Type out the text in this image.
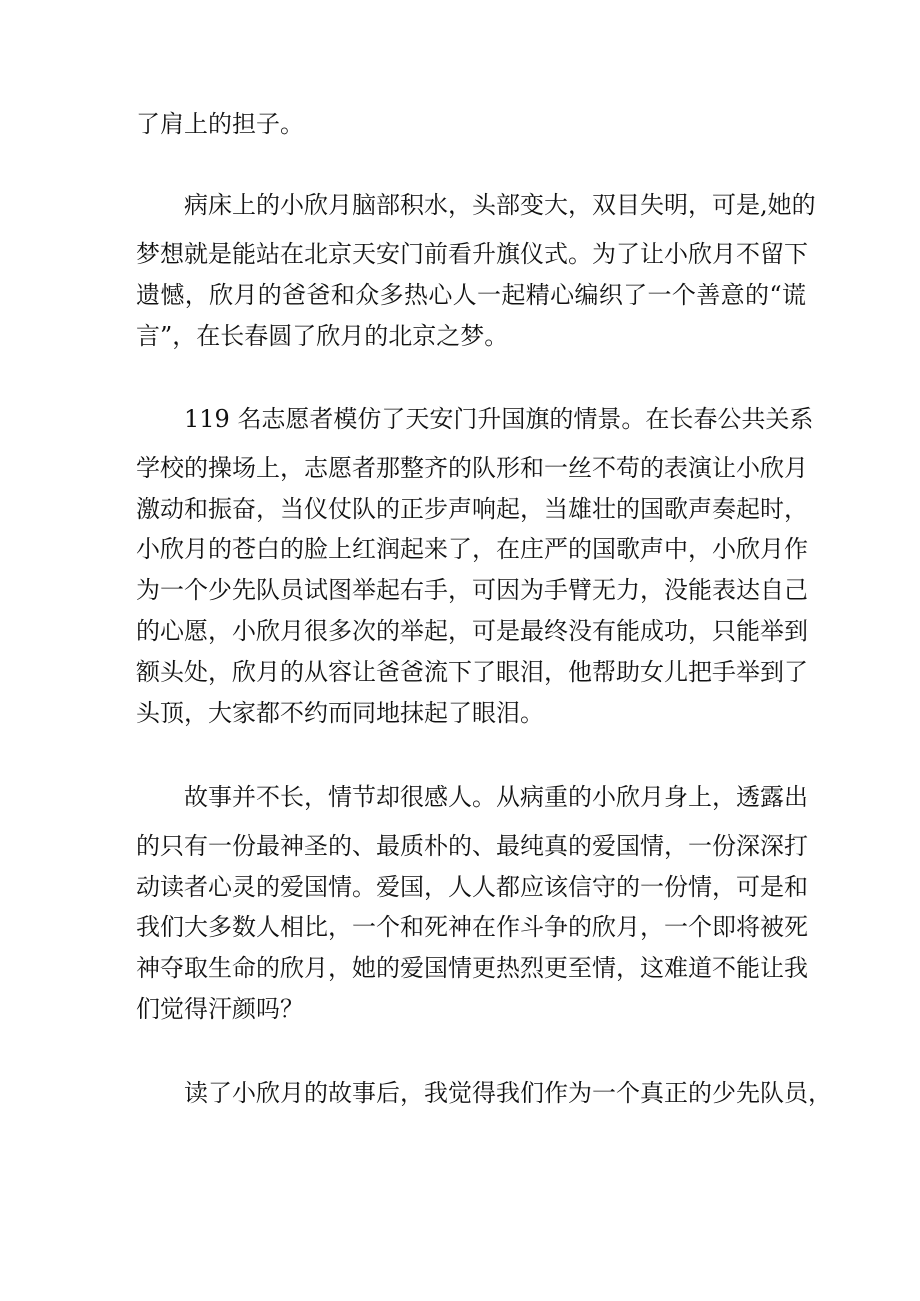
了肩上的担子。
病床上的小欣月脑部积水，头部变大，双目失明，可是,她的
梦想就是能站在北京天安门前看升旗仪式。为了让小欣月不留下
遗憾，欣月的爸爸和众多热心人一起精心编织了一个善意的“谎
言”，在长春圆了欣月的北京之梦。
119 名志愿者模仿了天安门升国旗的情景。在长春公共关系
学校的操场上，志愿者那整齐的队形和一丝不苟的表演让小欣月
激动和振奋，当仪仗队的正步声响起，当雄壮的国歌声奏起时，
小欣月的苍白的脸上红润起来了，在庄严的国歌声中，小欣月作
为一个少先队员试图举起右手，可因为手臂无力，没能表达自己
的心愿，小欣月很多次的举起，可是最终没有能成功，只能举到
额头处，欣月的从容让爸爸流下了眼泪，他帮助女儿把手举到了
头顶，大家都不约而同地抹起了眼泪。
故事并不长，情节却很感人。从病重的小欣月身上，透露出
的只有一份最神圣的、最质朴的、最纯真的爱国情，一份深深打
动读者心灵的爱国情。爱国，人人都应该信守的一份情，可是和
我们大多数人相比，一个和死神在作斗争的欣月，一个即将被死
神夺取生命的欣月，她的爱国情更热烈更至情，这难道不能让我
们觉得汗颜吗？
读了小欣月的故事后，我觉得我们作为一个真正的少先队员，
